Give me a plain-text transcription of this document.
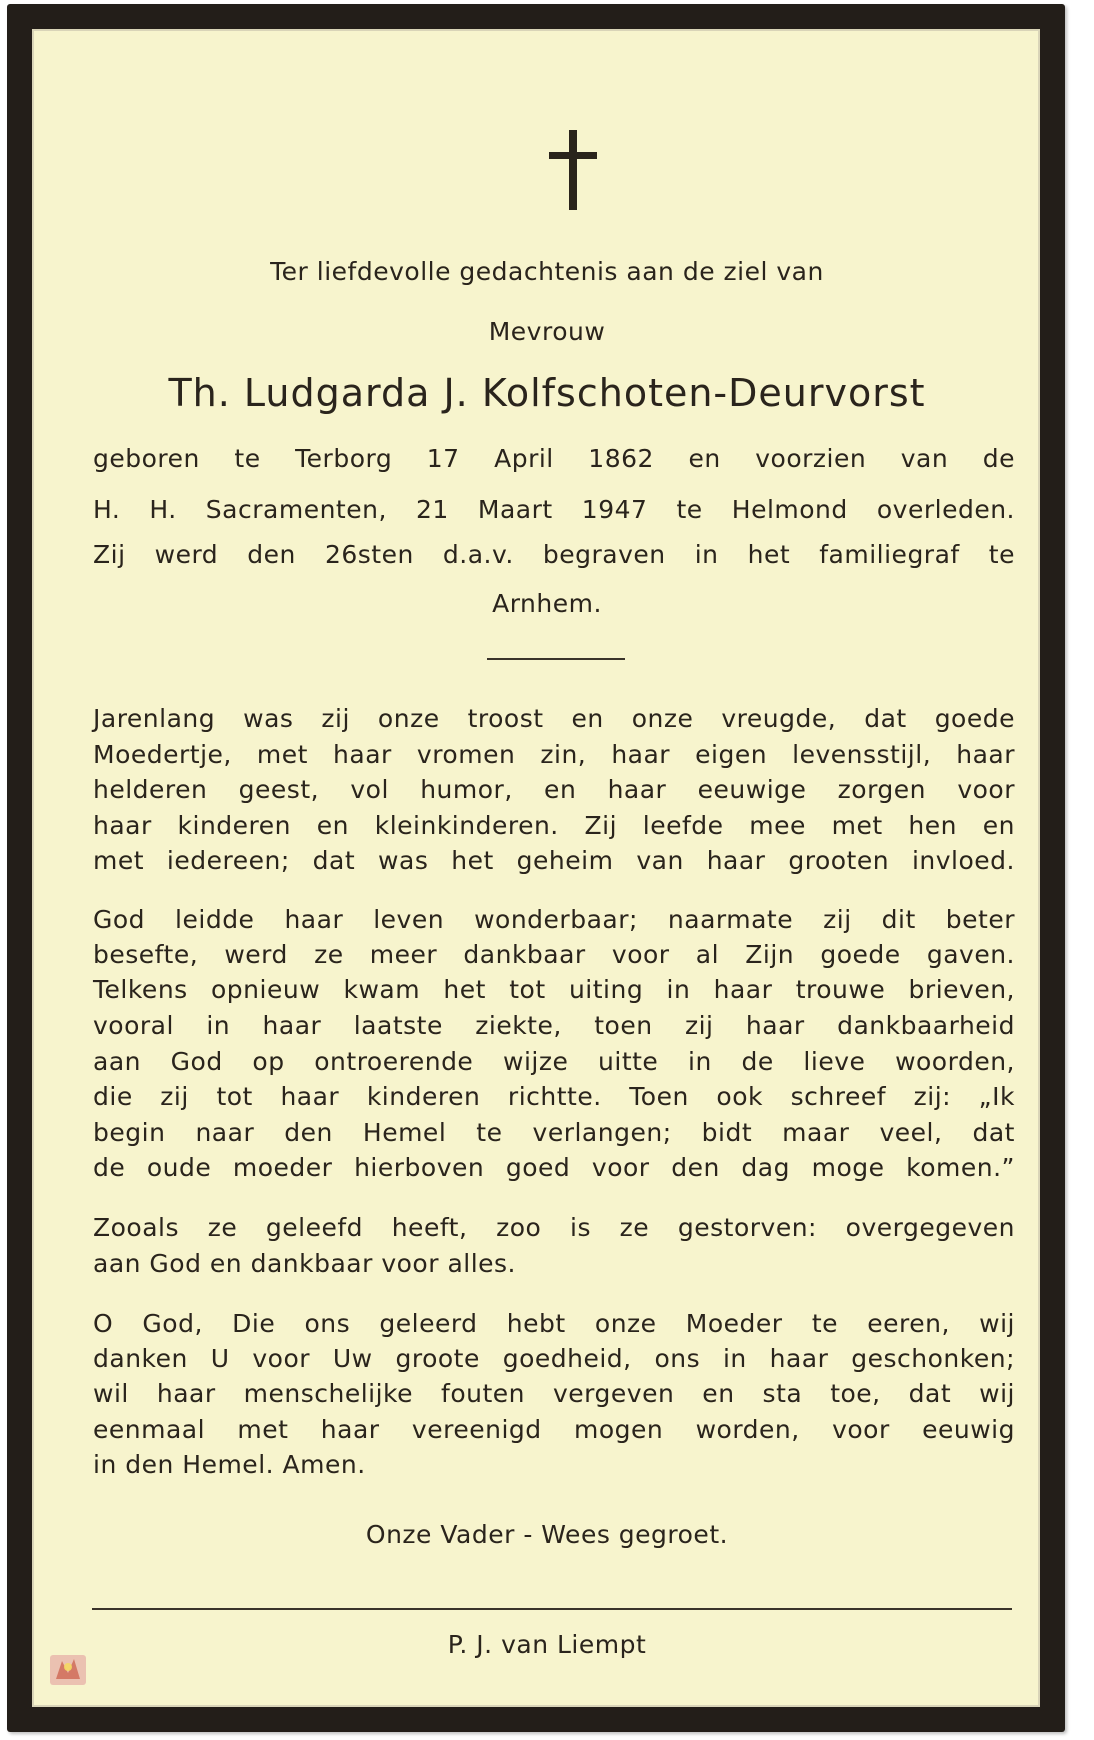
Ter liefdevolle gedachtenis aan de ziel van
Mevrouw
Th. Ludgarda J. Kolfschoten-Deurvorst
geboren te Terborg 17 April 1862 en voorzien van de
H. H. Sacramenten, 21 Maart 1947 te Helmond overleden.
Zij werd den 26sten d.a.v. begraven in het familiegraf te
Arnhem.
Jarenlang was zij onze troost en onze vreugde, dat goede
Moedertje, met haar vromen zin, haar eigen levensstijl, haar
helderen geest, vol humor, en haar eeuwige zorgen voor
haar kinderen en kleinkinderen. Zij leefde mee met hen en
met iedereen; dat was het geheim van haar grooten invloed.
God leidde haar leven wonderbaar; naarmate zij dit beter
besefte, werd ze meer dankbaar voor al Zijn goede gaven.
Telkens opnieuw kwam het tot uiting in haar trouwe brieven,
vooral in haar laatste ziekte, toen zij haar dankbaarheid
aan God op ontroerende wijze uitte in de lieve woorden,
die zij tot haar kinderen richtte. Toen ook schreef zij: „Ik
begin naar den Hemel te verlangen; bidt maar veel, dat
de oude moeder hierboven goed voor den dag moge komen.”
Zooals ze geleefd heeft, zoo is ze gestorven: overgegeven
aan God en dankbaar voor alles.
O God, Die ons geleerd hebt onze Moeder te eeren, wij
danken U voor Uw groote goedheid, ons in haar geschonken;
wil haar menschelijke fouten vergeven en sta toe, dat wij
eenmaal met haar vereenigd mogen worden, voor eeuwig
in den Hemel. Amen.
Onze Vader - Wees gegroet.
P. J. van Liempt
